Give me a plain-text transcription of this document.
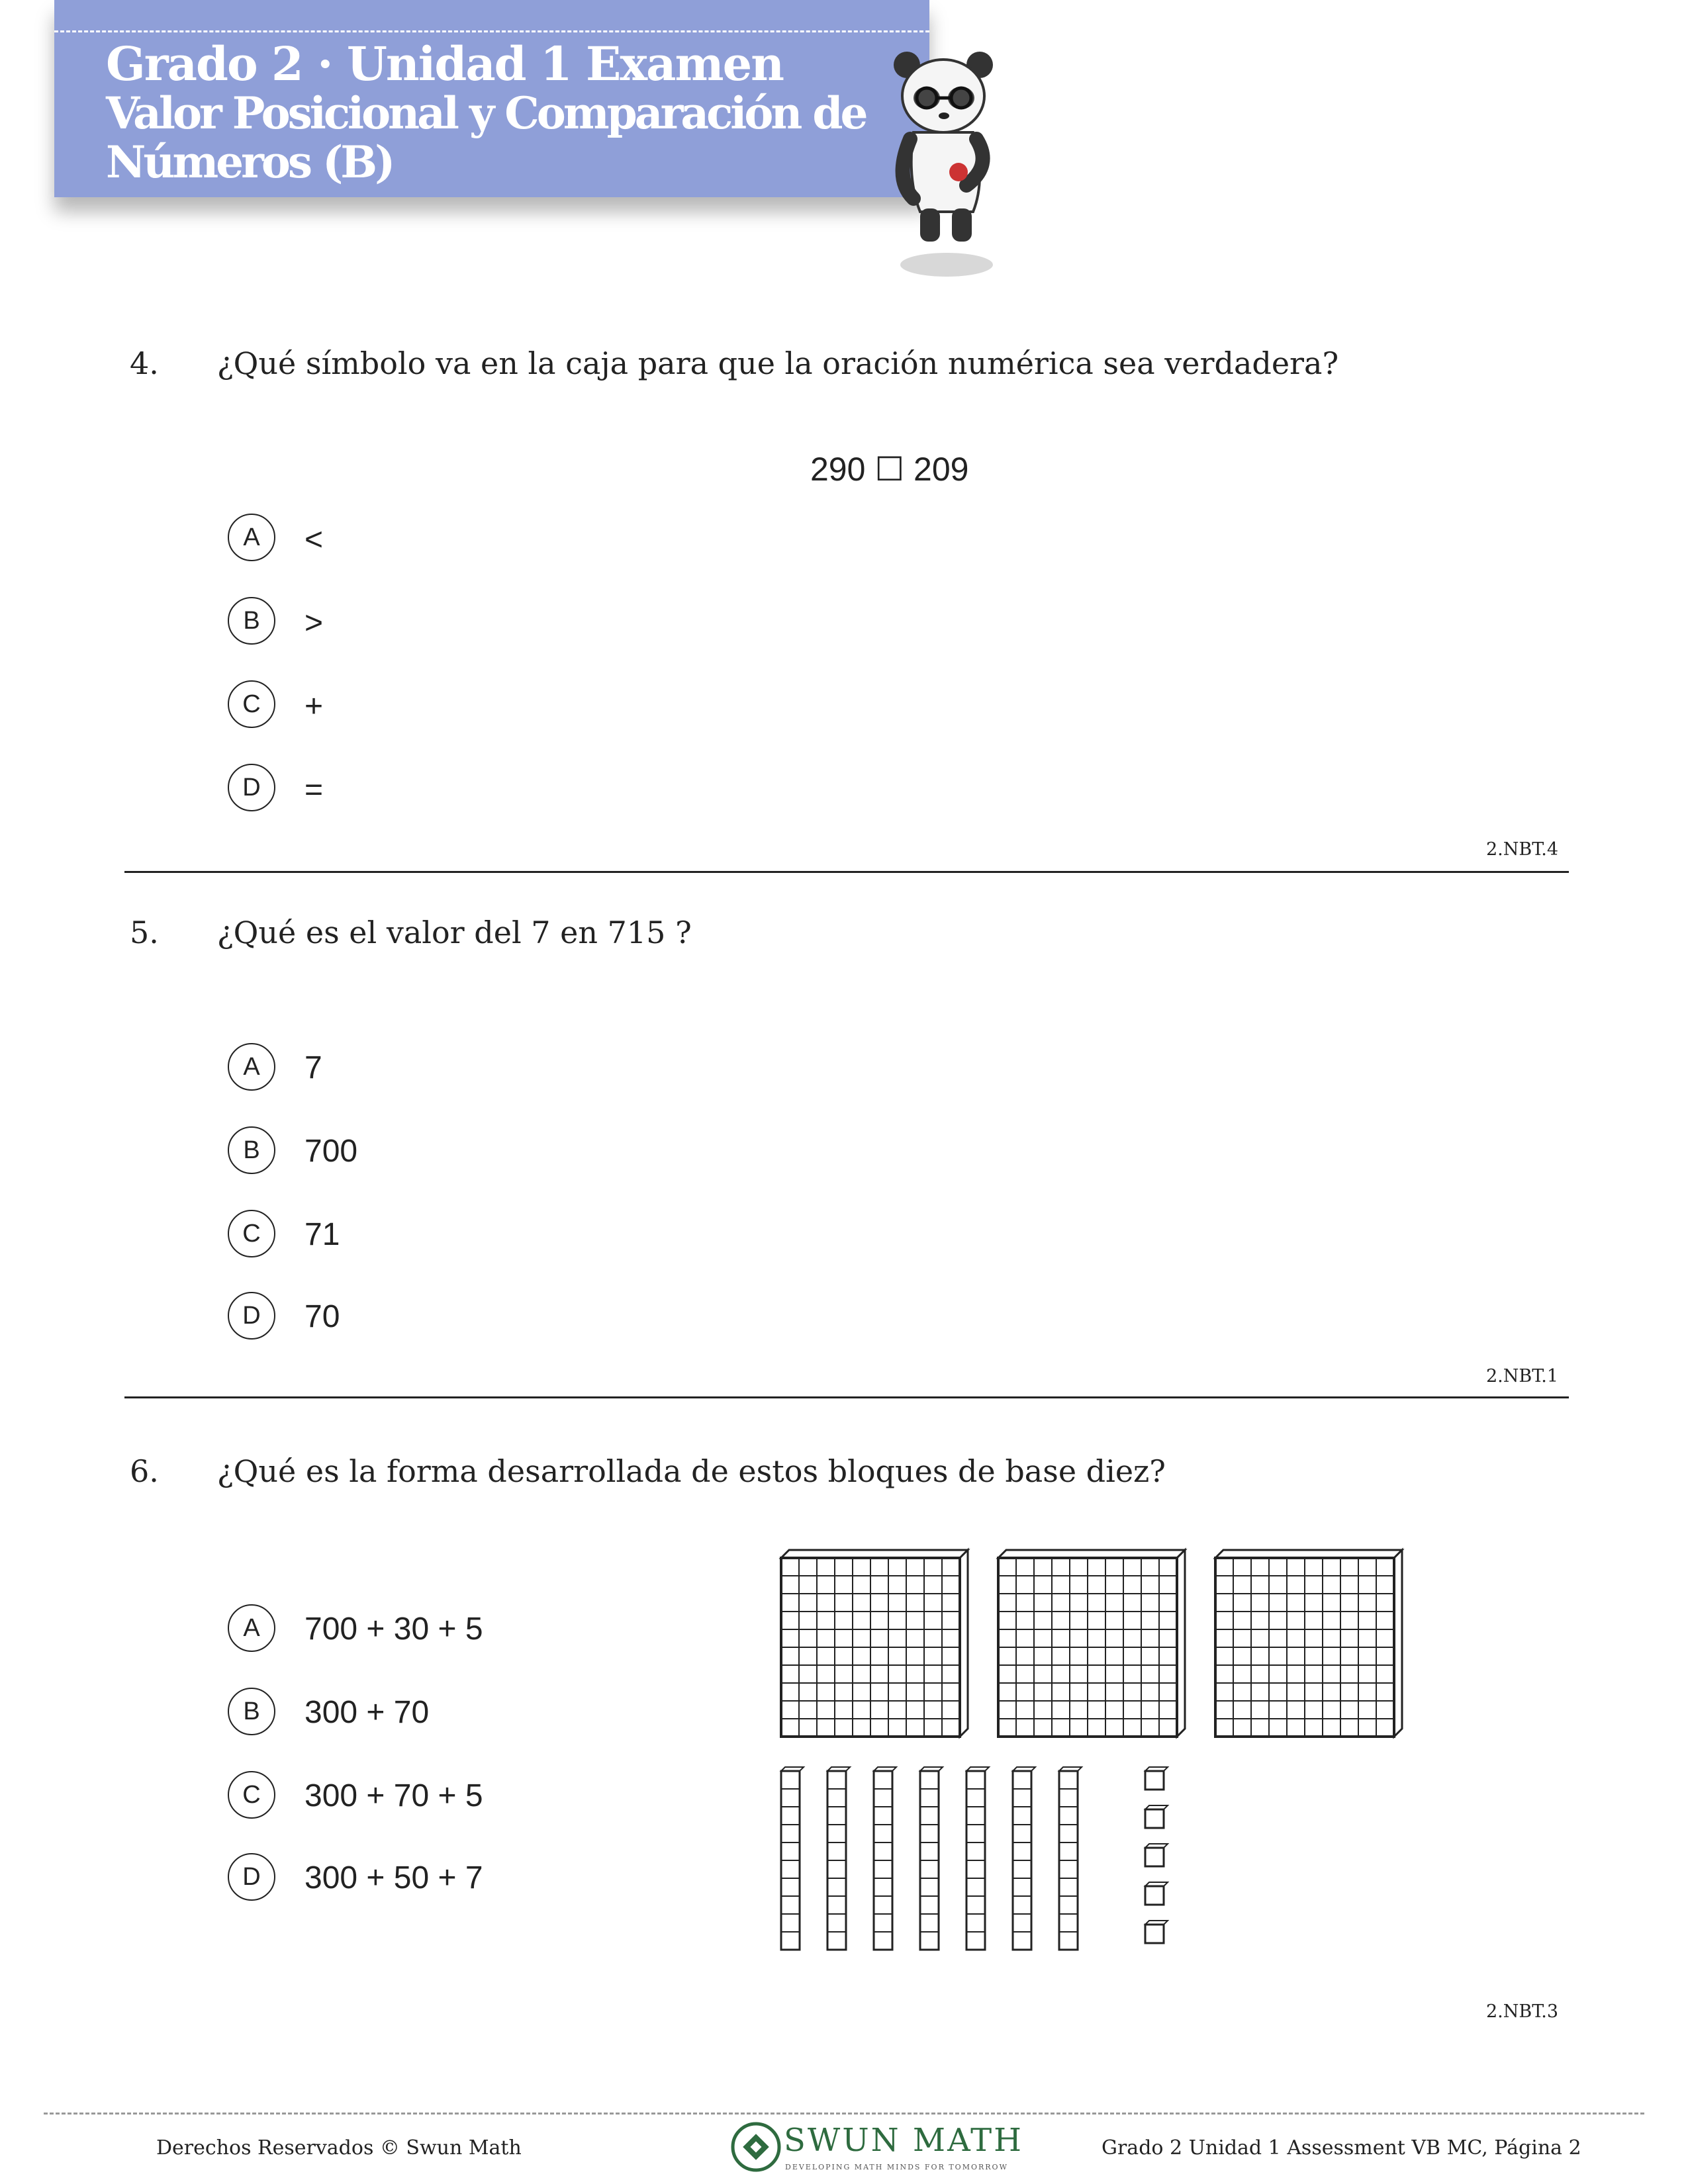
Grado 2 · Unidad 1 Examen
Valor Posicional y Comparación de
Números (B)
4. ¿Qué símbolo va en la caja para que la oración numérica sea verdadera?
290 ☐ 209
A	<
B	>
C	+
D	=
2.NBT.4
5. ¿Qué es el valor del 7 en 715 ?
A	7
B	700
C	71
D	70
2.NBT.1
6. ¿Qué es la forma desarrollada de estos bloques de base diez?
A	700 + 30 + 5
B	300 + 70
C	300 + 70 + 5
D	300 + 50 + 7
2.NBT.3
Derechos Reservados © Swun Math	SWUN MATH
DEVELOPING MATH MINDS FOR TOMORROW
Grado 2 Unidad 1 Assessment VB MC, Página 2
